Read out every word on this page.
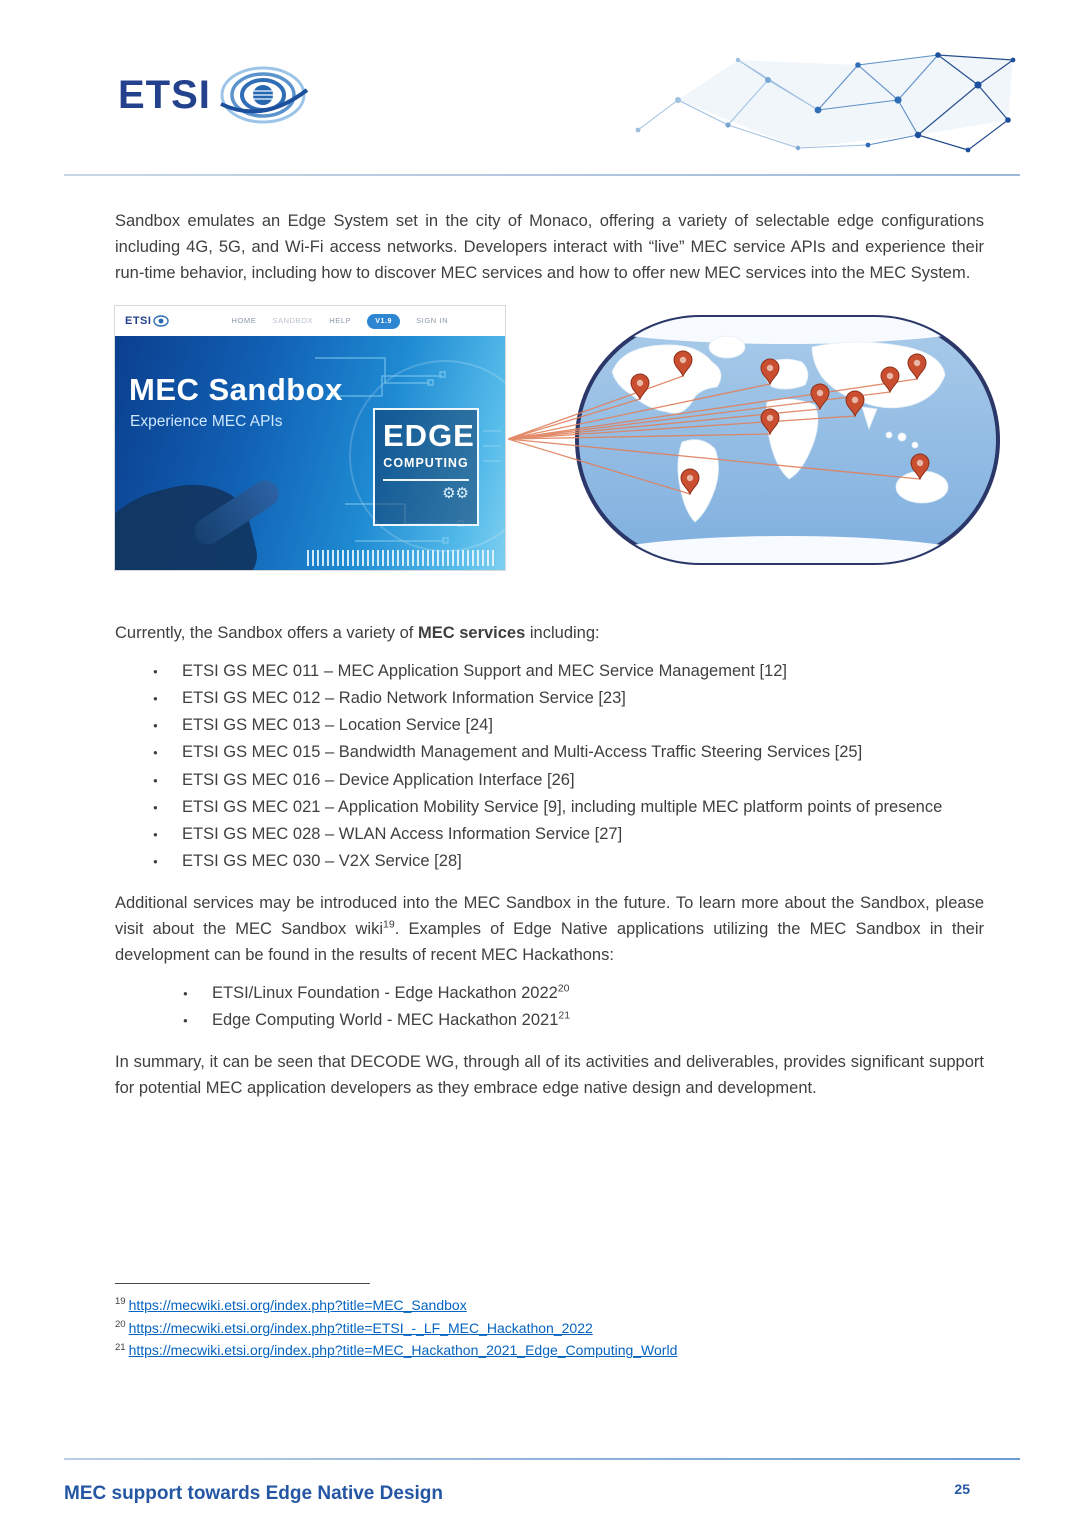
ETSI

Sandbox emulates an Edge System set in the city of Monaco, offering a variety of selectable edge configurations including 4G, 5G, and Wi-Fi access networks. Developers interact with “live” MEC service APIs and experience their run-time behavior, including how to discover MEC services and how to offer new MEC services into the MEC System.

ETSI	HOME SANDBOX HELP	V1.9	SIGN IN
MEC Sandbox
Experience MEC APIs	EDGE
COMPUTING
⚙⚙

Currently, the Sandbox offers a variety of MEC services including:

● ETSI GS MEC 011 – MEC Application Support and MEC Service Management [12]
● ETSI GS MEC 012 – Radio Network Information Service [23]
● ETSI GS MEC 013 – Location Service [24]
● ETSI GS MEC 015 – Bandwidth Management and Multi-Access Traffic Steering Services [25]
● ETSI GS MEC 016 – Device Application Interface [26]
● ETSI GS MEC 021 – Application Mobility Service [9], including multiple MEC platform points of presence
● ETSI GS MEC 028 – WLAN Access Information Service [27]
● ETSI GS MEC 030 – V2X Service [28]

Additional services may be introduced into the MEC Sandbox in the future. To learn more about the Sandbox, please visit about the MEC Sandbox wiki$^{19}$. Examples of Edge Native applications utilizing the MEC Sandbox in their development can be found in the results of recent MEC Hackathons:

● ETSI/Linux Foundation - Edge Hackathon 2022$^{20}$
● Edge Computing World - MEC Hackathon 2021$^{21}$

In summary, it can be seen that DECODE WG, through all of its activities and deliverables, provides significant support for potential MEC application developers as they embrace edge native design and development.

$^{19}$ https://mecwiki.etsi.org/index.php?title=MEC_Sandbox
$^{20}$ https://mecwiki.etsi.org/index.php?title=ETSI_-_LF_MEC_Hackathon_2022
$^{21}$ https://mecwiki.etsi.org/index.php?title=MEC_Hackathon_2021_Edge_Computing_World
MEC support towards Edge Native Design	25
